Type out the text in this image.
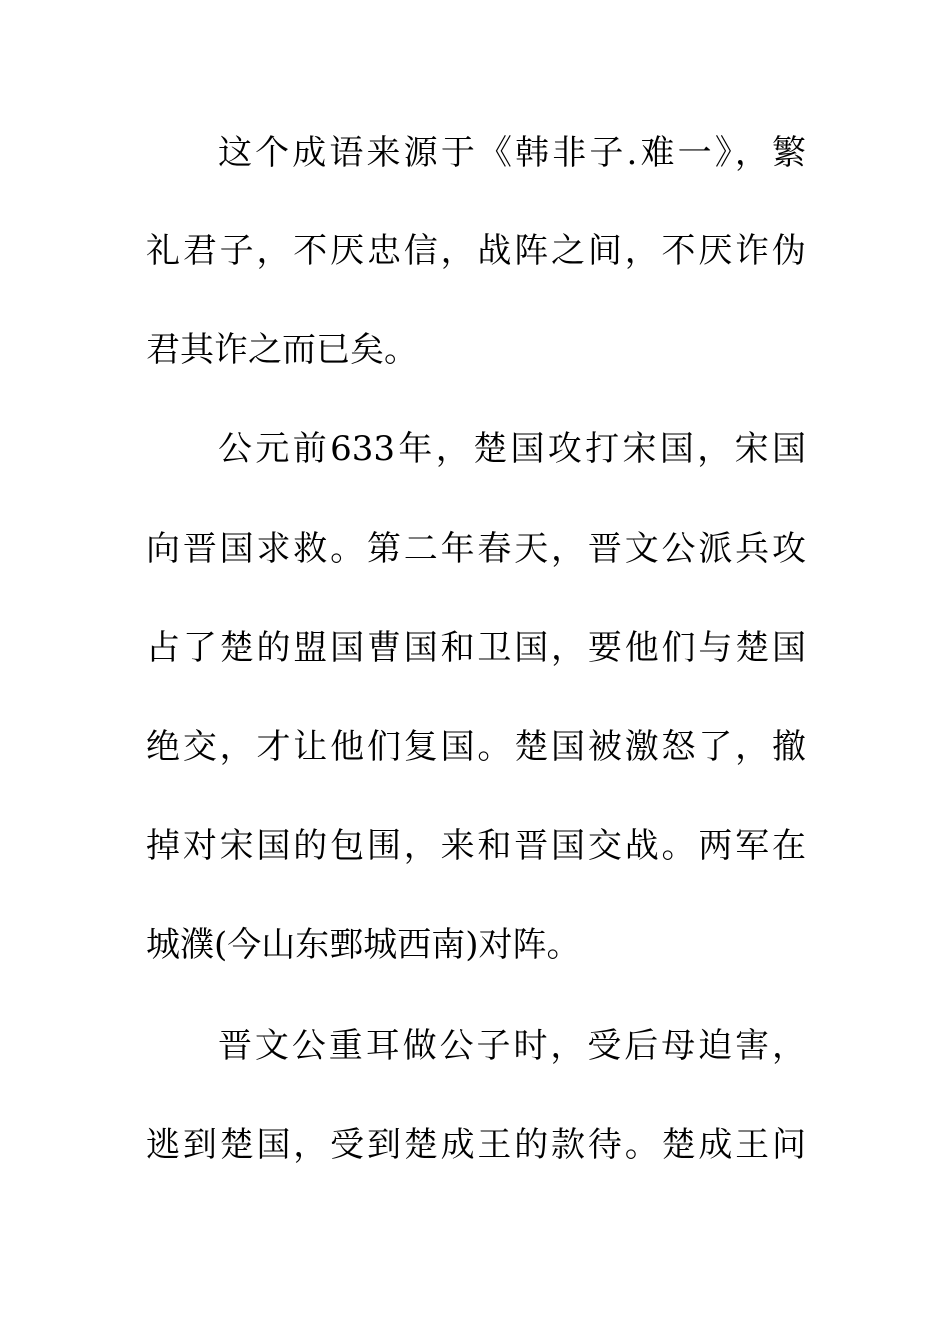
这个成语来源于《韩非子.难一》，繁
礼君子，不厌忠信，战阵之间，不厌诈伪
君其诈之而已矣。
公元前633年，楚国攻打宋国，宋国
向晋国求救。第二年春天，晋文公派兵攻
占了楚的盟国曹国和卫国，要他们与楚国
绝交，才让他们复国。楚国被激怒了，撤
掉对宋国的包围，来和晋国交战。两军在
城濮(今山东鄄城西南)对阵。
晋文公重耳做公子时，受后母迫害，
逃到楚国，受到楚成王的款待。楚成王问
